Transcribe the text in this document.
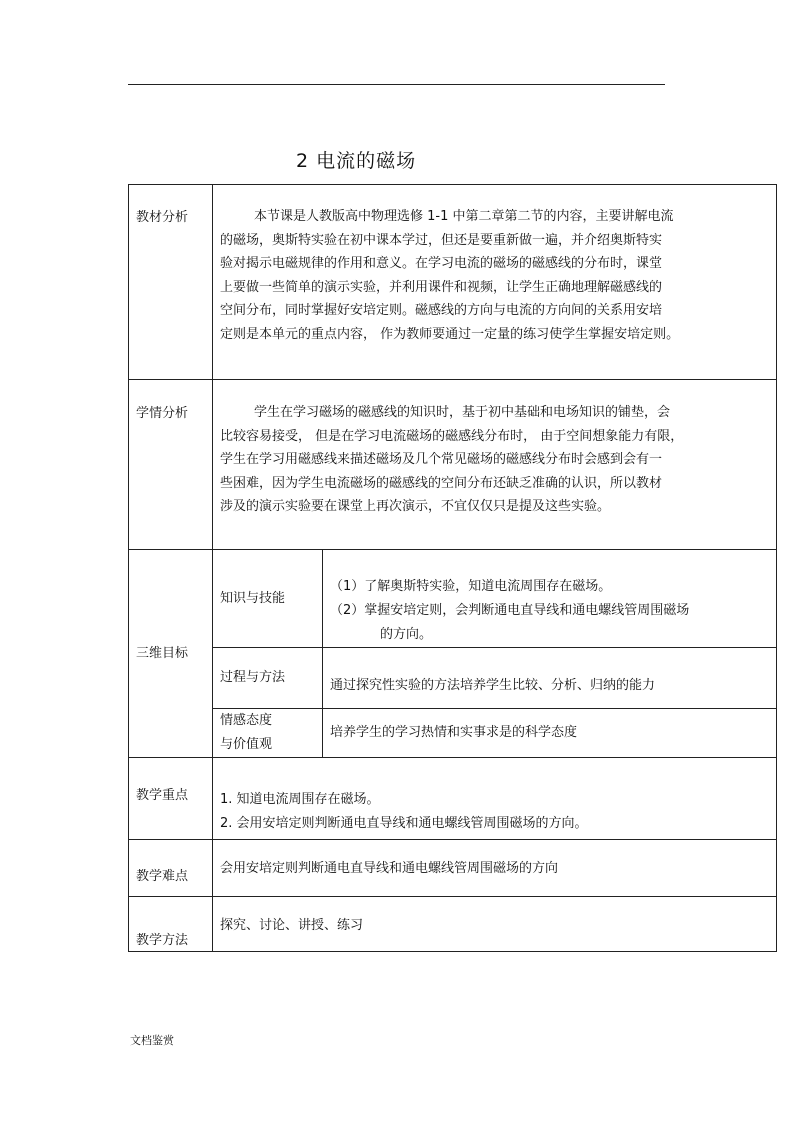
2 电流的磁场
教材分析	本节课是人教版高中物理选修 1-1 中第二章第二节的内容，主要讲解电流
的磁场，奥斯特实验在初中课本学过，但还是要重新做一遍，并介绍奥斯特实
验对揭示电磁规律的作用和意义。在学习电流的磁场的磁感线的分布时，课堂
上要做一些简单的演示实验，并利用课件和视频，让学生正确地理解磁感线的
空间分布，同时掌握好安培定则。磁感线的方向与电流的方向间的关系用安培
定则是本单元的重点内容， 作为教师要通过一定量的练习使学生掌握安培定则。
学情分析	学生在学习磁场的磁感线的知识时，基于初中基础和电场知识的铺垫，会
比较容易接受， 但是在学习电流磁场的磁感线分布时， 由于空间想象能力有限，
学生在学习用磁感线来描述磁场及几个常见磁场的磁感线分布时会感到会有一
些困难，因为学生电流磁场的磁感线的空间分布还缺乏准确的认识，所以教材
涉及的演示实验要在课堂上再次演示，不宜仅仅只是提及这些实验。
三维目标
知识与技能
（1）了解奥斯特实验，知道电流周围存在磁场。
（2）掌握安培定则，会判断通电直导线和通电螺线管周围磁场
的方向。
过程与方法
通过探究性实验的方法培养学生比较、分析、归纳的能力
情感态度
与价值观
培养学生的学习热情和实事求是的科学态度
教学重点 1. 知道电流周围存在磁场。
2. 会用安培定则判断通电直导线和通电螺线管周围磁场的方向。
教学难点
会用安培定则判断通电直导线和通电螺线管周围磁场的方向
教学方法
探究、讨论、讲授、练习
文档鉴赏
